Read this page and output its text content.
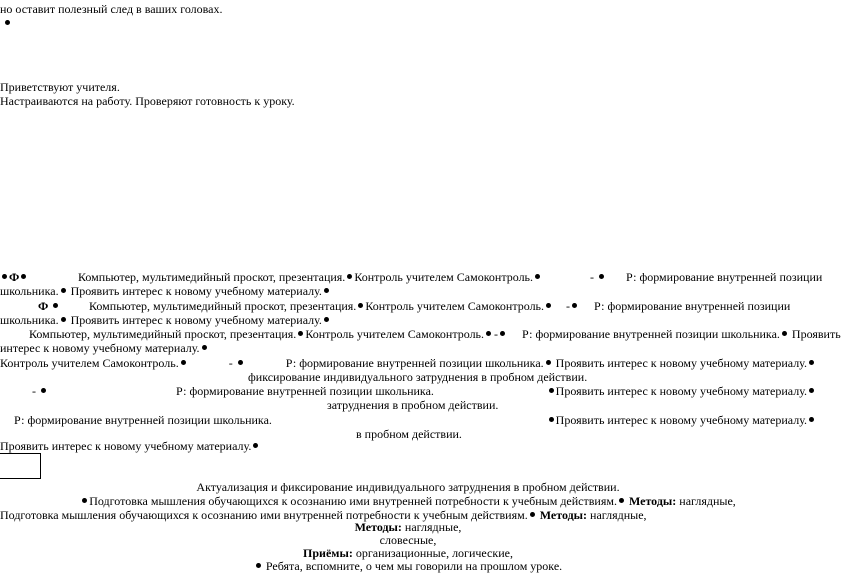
но оставит полезный след в ваших головах.
Приветствуют учителя.
Настраиваются на работу. Проверяют готовность к уроку.
Ф	Компьютер, мультимедийный проскот, презентация. Контроль учителем Самоконтроль.	-	Р: формирование внутренней позиции
школьника. Проявить интерес к новому учебному материалу.
Ф	Компьютер, мультимедийный проскот, презентация. Контроль учителем Самоконтроль.	-	Р: формирование внутренней позиции
школьника. Проявить интерес к новому учебному материалу.
Компьютер, мультимедийный проскот, презентация. Контроль учителем Самоконтроль. -	Р: формирование внутренней позиции школьника. Проявить
интерес к новому учебному материалу.
Контроль учителем Самоконтроль.	-	Р: формирование внутренней позиции школьника. Проявить интерес к новому учебному материалу.
фиксирование индивидуального затруднения в пробном действии.
-	Р: формирование внутренней позиции школьника.	Проявить интерес к новому учебному материалу.
затруднения в пробном действии.
Р: формирование внутренней позиции школьника.	Проявить интерес к новому учебному материалу.
в пробном действии.
Проявить интерес к новому учебному материалу.
Актуализация и фиксирование индивидуального затруднения в пробном действии.
Подготовка мышления обучающихся к осознанию ими внутренней потребности к учебным действиям. Методы: наглядные,
Подготовка мышления обучающихся к осознанию ими внутренней потребности к учебным действиям. Методы: наглядные,
Методы: наглядные,
словесные,
Приёмы: организационные, логические,
Ребята, вспомните, о чем мы говорили на прошлом уроке.
